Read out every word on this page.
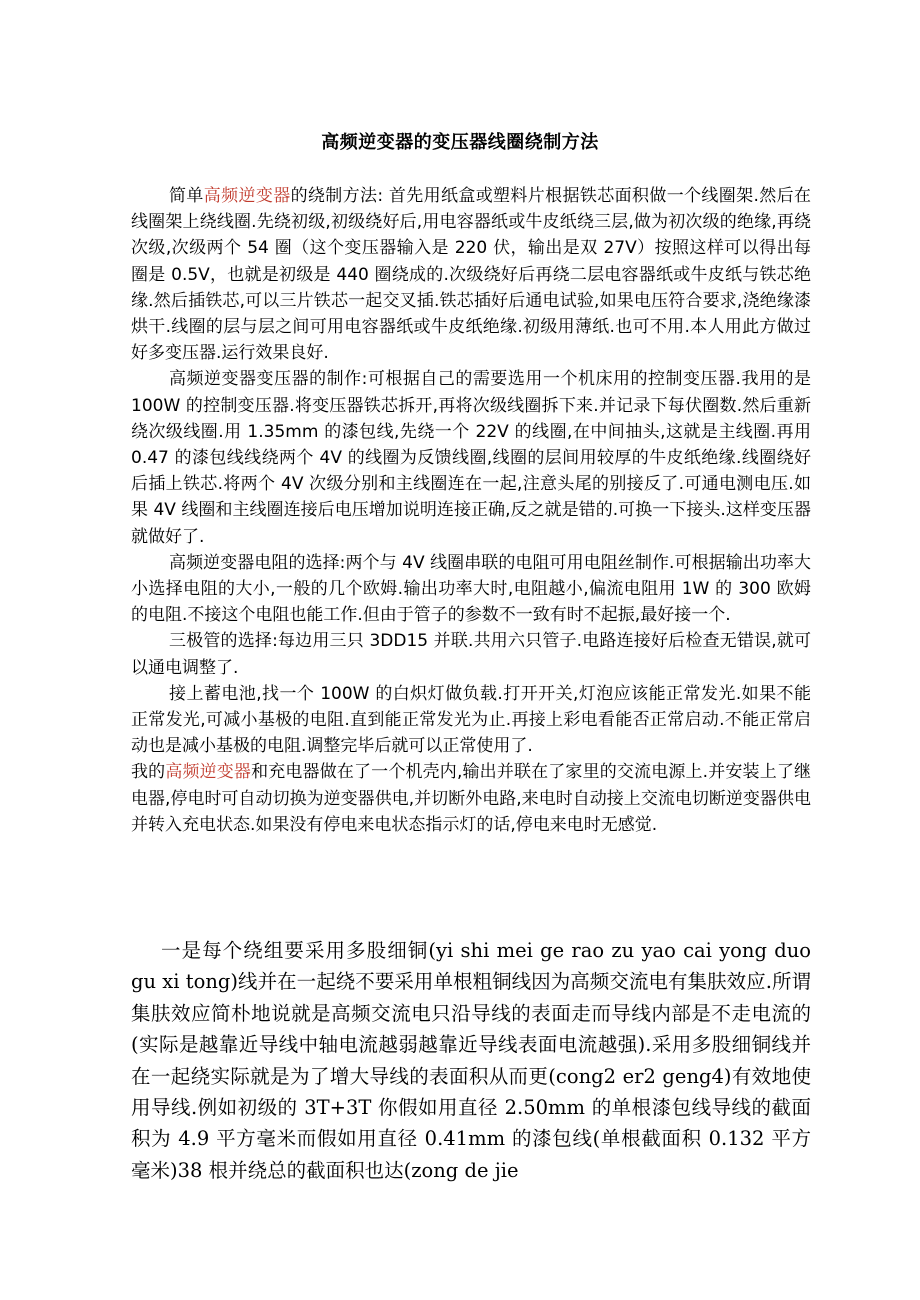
高频逆变器的变压器线圈绕制方法

简单高频逆变器的绕制方法: 首先用纸盒或塑料片根据铁芯面积做一个线圈架.然后在线圈架上绕线圈.先绕初级,初级绕好后,用电容器纸或牛皮纸绕三层,做为初次级的绝缘,再绕次级,次级两个 54 圈（这个变压器输入是 220 伏，输出是双 27V）按照这样可以得出每圈是 0.5V，也就是初级是 440 圈绕成的.次级绕好后再绕二层电容器纸或牛皮纸与铁芯绝缘.然后插铁芯,可以三片铁芯一起交叉插.铁芯插好后通电试验,如果电压符合要求,浇绝缘漆烘干.线圈的层与层之间可用电容器纸或牛皮纸绝缘.初级用薄纸.也可不用.本人用此方做过好多变压器.运行效果良好.

高频逆变器变压器的制作:可根据自己的需要选用一个机床用的控制变压器.我用的是 100W 的控制变压器.将变压器铁芯拆开,再将次级线圈拆下来.并记录下每伏圈数.然后重新绕次级线圈.用 1.35mm 的漆包线,先绕一个 22V 的线圈,在中间抽头,这就是主线圈.再用 0.47 的漆包线线绕两个 4V 的线圈为反馈线圈,线圈的层间用较厚的牛皮纸绝缘.线圈绕好后插上铁芯.将两个 4V 次级分别和主线圈连在一起,注意头尾的别接反了.可通电测电压.如果 4V 线圈和主线圈连接后电压增加说明连接正确,反之就是错的.可换一下接头.这样变压器就做好了.

高频逆变器电阻的选择:两个与 4V 线圈串联的电阻可用电阻丝制作.可根据输出功率大小选择电阻的大小,一般的几个欧姆.输出功率大时,电阻越小,偏流电阻用 1W 的 300 欧姆的电阻.不接这个电阻也能工作.但由于管子的参数不一致有时不起振,最好接一个.

三极管的选择:每边用三只 3DD15 并联.共用六只管子.电路连接好后检查无错误,就可以通电调整了.

接上蓄电池,找一个 100W 的白炽灯做负载.打开开关,灯泡应该能正常发光.如果不能正常发光,可减小基极的电阻.直到能正常发光为止.再接上彩电看能否正常启动.不能正常启动也是减小基极的电阻.调整完毕后就可以正常使用了.

我的高频逆变器和充电器做在了一个机壳内,输出并联在了家里的交流电源上.并安装上了继电器,停电时可自动切换为逆变器供电,并切断外电路,来电时自动接上交流电切断逆变器供电并转入充电状态.如果没有停电来电状态指示灯的话,停电来电时无感觉.

一是每个绕组要采用多股细铜(yi shi mei ge rao zu yao cai yong duo gu xi tong)线并在一起绕不要采用单根粗铜线因为高频交流电有集肤效应.所谓集肤效应简朴地说就是高频交流电只沿导线的表面走而导线内部是不走电流的(实际是越靠近导线中轴电流越弱越靠近导线表面电流越强).采用多股细铜线并在一起绕实际就是为了增大导线的表面积从而更(cong2 er2 geng4)有效地使用导线.例如初级的 3T+3T 你假如用直径 2.50mm 的单根漆包线导线的截面积为 4.9 平方毫米而假如用直径 0.41mm 的漆包线(单根截面积 0.132 平方毫米)38 根并绕总的截面积也达(zong de jie
